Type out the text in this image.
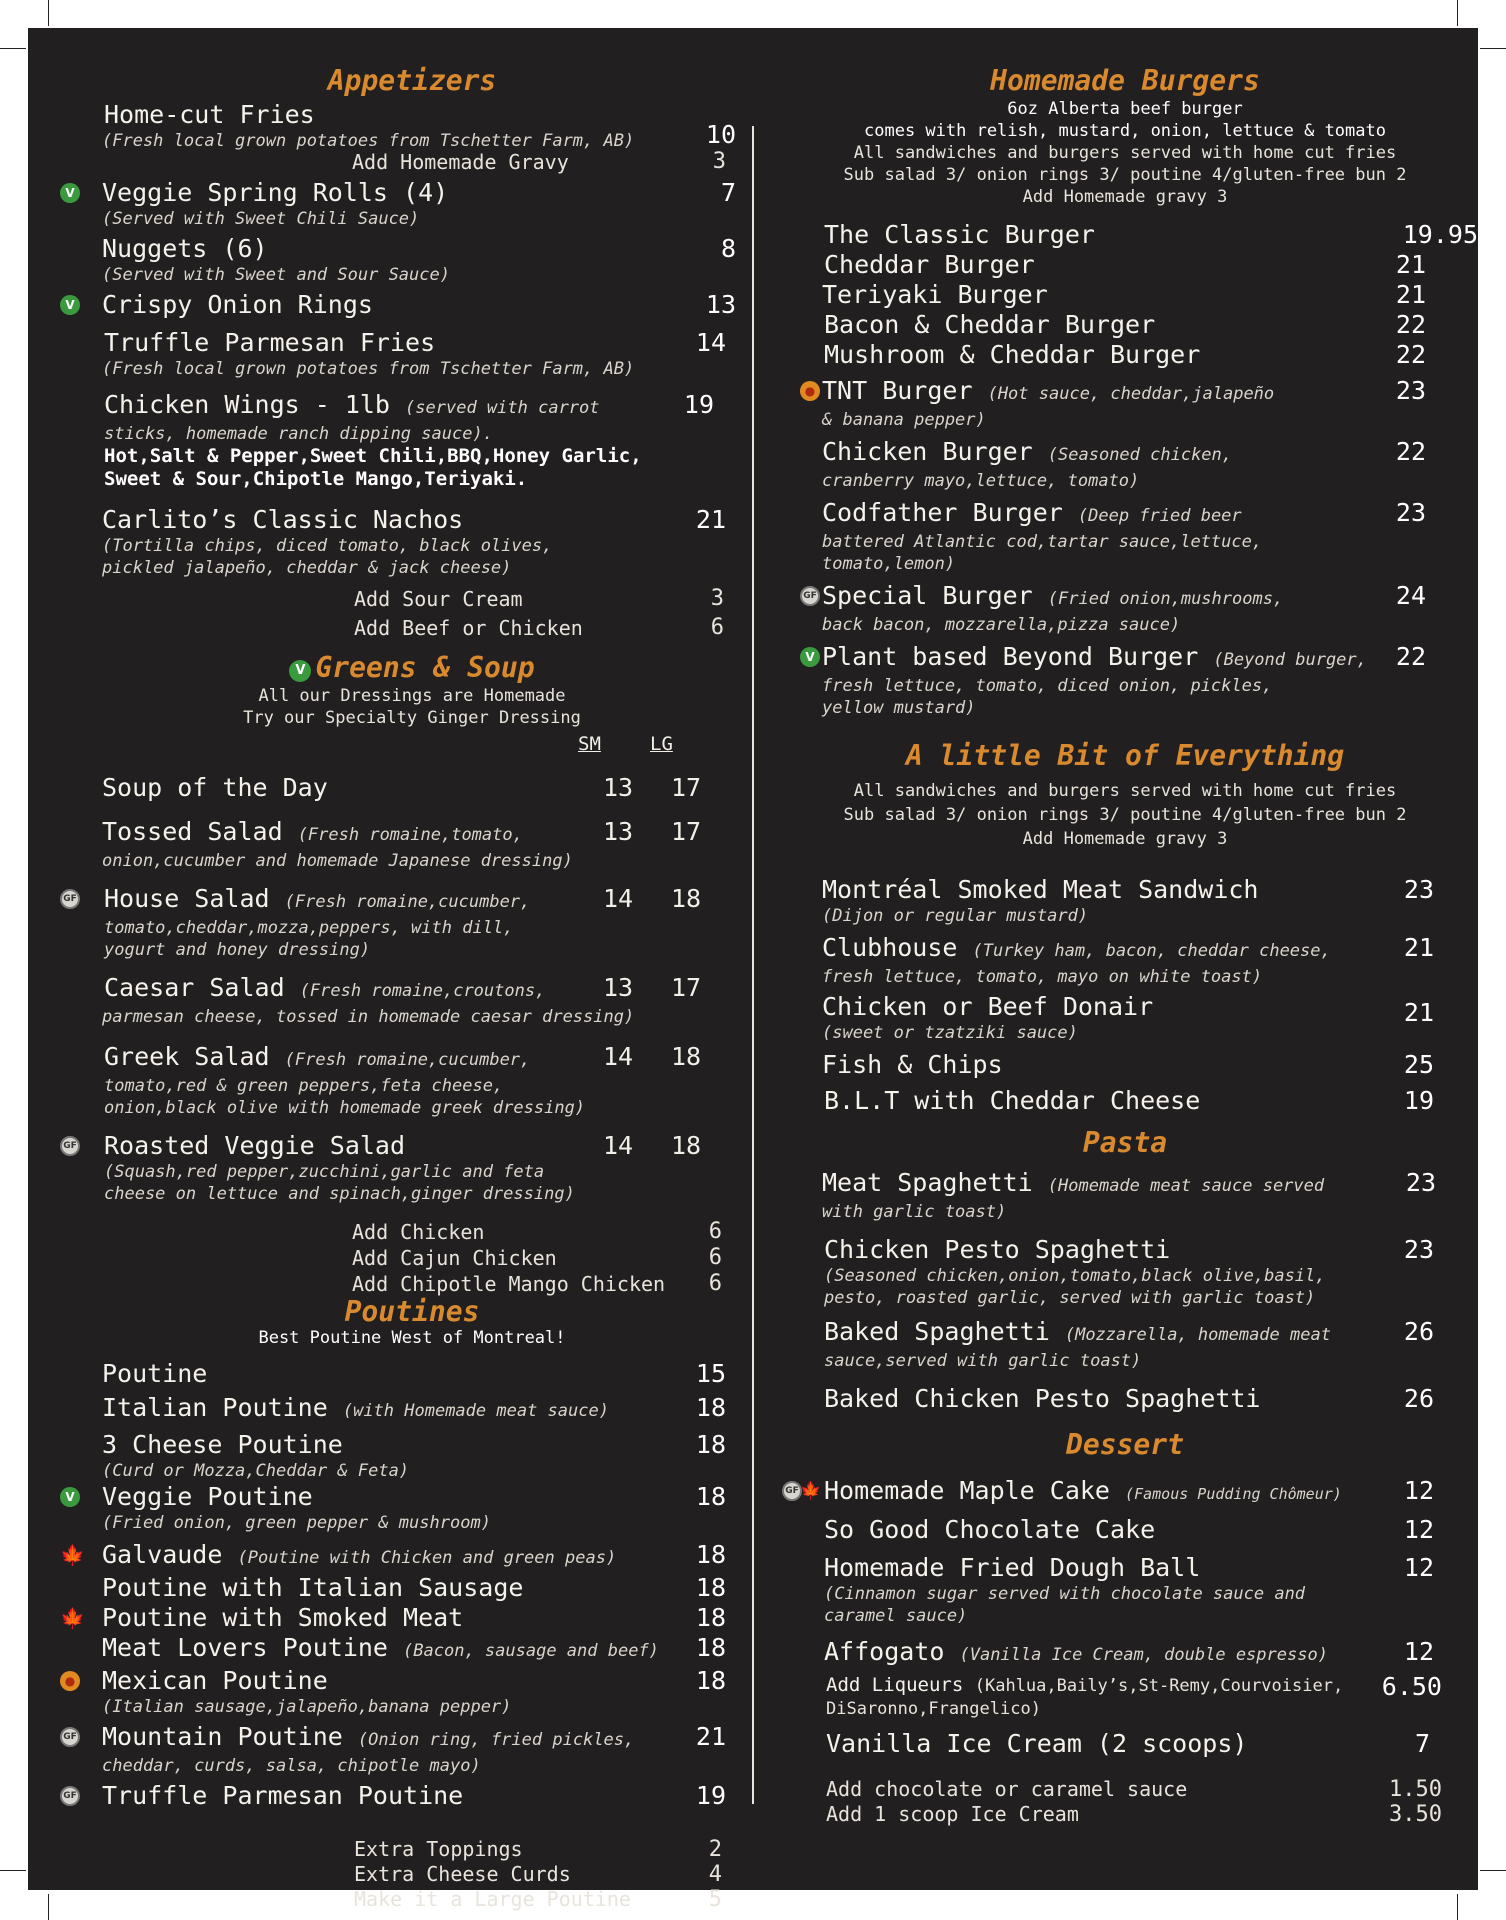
Appetizers
Home-cut Fries
(Fresh local grown potatoes from Tschetter Farm, AB)	10
Add Homemade Gravy	3
V Veggie Spring Rolls (4)
(Served with Sweet Chili Sauce)
7
Nuggets (6)
(Served with Sweet and Sour Sauce)
8
V Crispy Onion Rings	13
Truffle Parmesan Fries
(Fresh local grown potatoes from Tschetter Farm, AB)
14
Chicken Wings - 1lb (served with carrot
sticks, homemade ranch dipping sauce).
Hot,Salt & Pepper,Sweet Chili,BBQ,Honey Garlic,
Sweet & Sour,Chipotle Mango,Teriyaki.
19
Carlito’s Classic Nachos
(Tortilla chips, diced tomato, black olives,
pickled jalapeño, cheddar & jack cheese)
21
Add Sour Cream	3
Add Beef or Chicken	6
V Greens & Soup
All our Dressings are Homemade
Try our Specialty Ginger Dressing
SM	LG
Soup of the Day	13 17
Tossed Salad (Fresh romaine,tomato,
onion,cucumber and homemade Japanese dressing)
13 17
GF House Salad (Fresh romaine,cucumber,
tomato,cheddar,mozza,peppers, with dill,
yogurt and honey dressing)
14 18
Caesar Salad (Fresh romaine,croutons,
parmesan cheese, tossed in homemade caesar dressing)
13 17
Greek Salad (Fresh romaine,cucumber,
tomato,red & green peppers,feta cheese,
onion,black olive with homemade greek dressing)
14 18
GF Roasted Veggie Salad
(Squash,red pepper,zucchini,garlic and feta
cheese on lettuce and spinach,ginger dressing)
14 18
Add Chicken	6
Add Cajun Chicken	6
Add Chipotle Mango Chicken 6
Poutines
Best Poutine West of Montreal!
Poutine	15
Italian Poutine (with Homemade meat sauce)	18
3 Cheese Poutine
(Curd or Mozza,Cheddar & Feta)
18
V Veggie Poutine
(Fried onion, green pepper & mushroom)
18
🍁 Galvaude (Poutine with Chicken and green peas)	18
Poutine with Italian Sausage	18
🍁 Poutine with Smoked Meat	18
Meat Lovers Poutine (Bacon, sausage and beef) 18
● Mexican Poutine
(Italian sausage,jalapeño,banana pepper)
18
GF Mountain Poutine (Onion ring, fried pickles,
cheddar, curds, salsa, chipotle mayo)
21
GF Truffle Parmesan Poutine	19
Extra Toppings	2
Extra Cheese Curds	4
Make it a Large Poutine	5
Homemade Burgers
6oz Alberta beef burger
comes with relish, mustard, onion, lettuce & tomato
All sandwiches and burgers served with home cut fries
Sub salad 3/ onion rings 3/ poutine 4/gluten-free bun 2
Add Homemade gravy 3
The Classic Burger	19.95
Cheddar Burger	21
Teriyaki Burger	21
Bacon & Cheddar Burger	22
Mushroom & Cheddar Burger	22
● TNT Burger (Hot sauce, cheddar,jalapeño
& banana pepper)
23
Chicken Burger (Seasoned chicken,
cranberry mayo,lettuce, tomato)
22
Codfather Burger (Deep fried beer
battered Atlantic cod,tartar sauce,lettuce,
tomato,lemon)
23
GF Special Burger (Fried onion,mushrooms,
back bacon, mozzarella,pizza sauce)
24
V Plant based Beyond Burger (Beyond burger,
fresh lettuce, tomato, diced onion, pickles,
yellow mustard)
22
A little Bit of Everything
All sandwiches and burgers served with home cut fries
Sub salad 3/ onion rings 3/ poutine 4/gluten-free bun 2
Add Homemade gravy 3
Montréal Smoked Meat Sandwich
(Dijon or regular mustard)
23
Clubhouse (Turkey ham, bacon, cheddar cheese,
fresh lettuce, tomato, mayo on white toast)
21
Chicken or Beef Donair
(sweet or tzatziki sauce)
21
Fish & Chips	25
B.L.T with Cheddar Cheese	19
Pasta
Meat Spaghetti (Homemade meat sauce served
with garlic toast)
23
Chicken Pesto Spaghetti
(Seasoned chicken,onion,tomato,black olive,basil,
pesto, roasted garlic, served with garlic toast)
23
Baked Spaghetti (Mozzarella, homemade meat
sauce,served with garlic toast)
26
Baked Chicken Pesto Spaghetti	26
Dessert
GF 🍁 Homemade Maple Cake (Famous Pudding Chômeur)	12
So Good Chocolate Cake	12
Homemade Fried Dough Ball
(Cinnamon sugar served with chocolate sauce and
caramel sauce)
12
Affogato (Vanilla Ice Cream, double espresso)	12
Add Liqueurs (Kahlua,Baily’s,St-Remy,Courvoisier,
DiSaronno,Frangelico)
6.50
Vanilla Ice Cream (2 scoops)	7
Add chocolate or caramel sauce	1.50
Add 1 scoop Ice Cream	3.50
